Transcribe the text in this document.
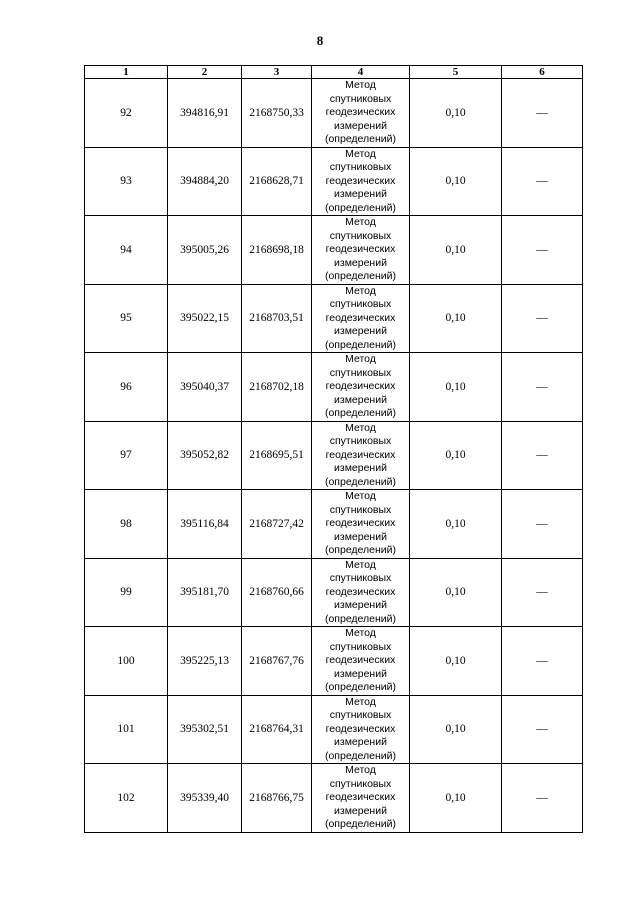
8
1	2	3	4	5	6
92	394816,91	2168750,33	Метод
спутниковых
геодезических
измерений
(определений)	0,10	—
93	394884,20	2168628,71	Метод
спутниковых
геодезических
измерений
(определений)	0,10	—
94	395005,26	2168698,18	Метод
спутниковых
геодезических
измерений
(определений)	0,10	—
95	395022,15	2168703,51	Метод
спутниковых
геодезических
измерений
(определений)	0,10	—
96	395040,37	2168702,18	Метод
спутниковых
геодезических
измерений
(определений)	0,10	—
97	395052,82	2168695,51	Метод
спутниковых
геодезических
измерений
(определений)	0,10	—
98	395116,84	2168727,42	Метод
спутниковых
геодезических
измерений
(определений)	0,10	—
99	395181,70	2168760,66	Метод
спутниковых
геодезических
измерений
(определений)	0,10	—
100	395225,13	2168767,76	Метод
спутниковых
геодезических
измерений
(определений)	0,10	—
101	395302,51	2168764,31	Метод
спутниковых
геодезических
измерений
(определений)	0,10	—
102	395339,40	2168766,75	Метод
спутниковых
геодезических
измерений
(определений)	0,10	—
